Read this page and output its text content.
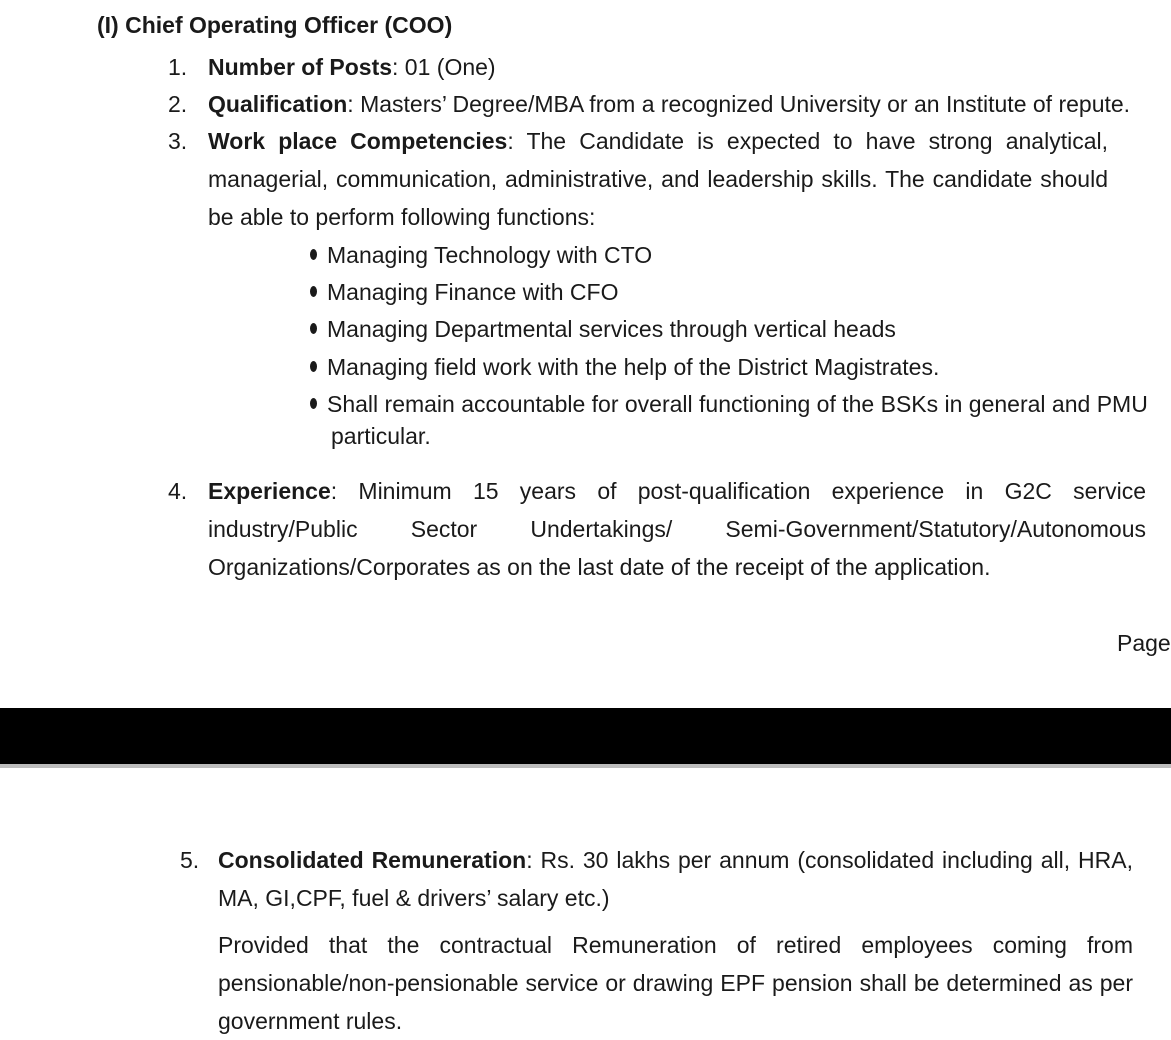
(I) Chief Operating Officer (COO)
1. Number of Posts: 01 (One)
2. Qualification: Masters’ Degree/MBA from a recognized University or an Institute of repute.
3. Work place Competencies: The Candidate is expected to have strong analytical, managerial, communication, administrative, and leadership skills. The candidate should be able to perform following functions:
Managing Technology with CTO
Managing Finance with CFO
Managing Departmental services through vertical heads
Managing field work with the help of the District Magistrates.
Shall remain accountable for overall functioning of the BSKs in general and PMU
particular.
4. Experience: Minimum 15 years of post-qualification experience in G2C service industry/Public Sector Undertakings/ Semi-Government/Statutory/Autonomous Organizations/Corporates as on the last date of the receipt of the application.
Page
5. Consolidated Remuneration: Rs. 30 lakhs per annum (consolidated including all, HRA, MA, GI,CPF, fuel & drivers’ salary etc.)
Provided that the contractual Remuneration of retired employees coming from pensionable/non-pensionable service or drawing EPF pension shall be determined as per government rules.
